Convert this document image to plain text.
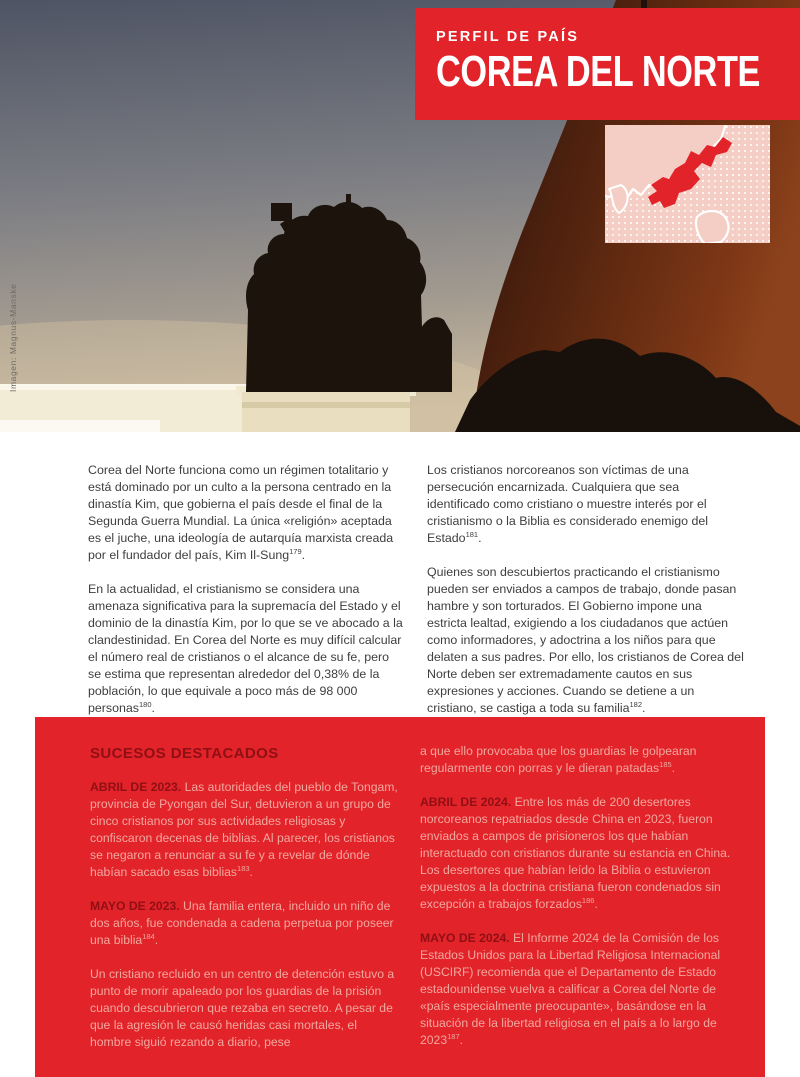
Imagen: Magnus-Manske
PERFIL DE PAÍS
COREA DEL NORTE

Corea del Norte funciona como un régimen totalitario y está dominado por un culto a la persona centrado en la dinastía Kim, que gobierna el país desde el final de la Segunda Guerra Mundial. La única «religión» aceptada es el juche, una ideología de autarquía marxista creada por el fundador del país, Kim Il-Sung$^{179}$.

En la actualidad, el cristianismo se considera una amenaza significativa para la supremacía del Estado y el dominio de la dinastía Kim, por lo que se ve abocado a la clandestinidad. En Corea del Norte es muy difícil calcular el número real de cristianos o el alcance de su fe, pero se estima que representan alrededor del 0,38% de la población, lo que equivale a poco más de 98 000 personas$^{180}$.

Los cristianos norcoreanos son víctimas de una persecución encarnizada. Cualquiera que sea identificado como cristiano o muestre interés por el cristianismo o la Biblia es considerado enemigo del Estado$^{181}$.

Quienes son descubiertos practicando el cristianismo pueden ser enviados a campos de trabajo, donde pasan hambre y son torturados. El Gobierno impone una estricta lealtad, exigiendo a los ciudadanos que actúen como informadores, y adoctrina a los niños para que delaten a sus padres. Por ello, los cristianos de Corea del Norte deben ser extremadamente cautos en sus expresiones y acciones. Cuando se detiene a un cristiano, se castiga a toda su familia$^{182}$.

SUCESOS DESTACADOS

ABRIL DE 2023. Las autoridades del pueblo de Tongam, provincia de Pyongan del Sur, detuvieron a un grupo de cinco cristianos por sus actividades religiosas y confiscaron decenas de biblias. Al parecer, los cristianos se negaron a renunciar a su fe y a revelar de dónde habían sacado esas biblias$^{183}$.

MAYO DE 2023. Una familia entera, incluido un niño de dos años, fue condenada a cadena perpetua por poseer una biblia$^{184}$.

Un cristiano recluido en un centro de detención estuvo a punto de morir apaleado por los guardias de la prisión cuando descubrieron que rezaba en secreto. A pesar de que la agresión le causó heridas casi mortales, el hombre siguió rezando a diario, pese

a que ello provocaba que los guardias le golpearan regularmente con porras y le dieran patadas$^{185}$.

ABRIL DE 2024. Entre los más de 200 desertores norcoreanos repatriados desde China en 2023, fueron enviados a campos de prisioneros los que habían interactuado con cristianos durante su estancia en China. Los desertores que habían leído la Biblia o estuvieron expuestos a la doctrina cristiana fueron condenados sin excepción a trabajos forzados$^{186}$.

MAYO DE 2024. El Informe 2024 de la Comisión de los Estados Unidos para la Libertad Religiosa Internacional (USCIRF) recomienda que el Departamento de Estado estadounidense vuelva a calificar a Corea del Norte de «país especialmente preocupante», basándose en la situación de la libertad religiosa en el país a lo largo de 2023$^{187}$.
